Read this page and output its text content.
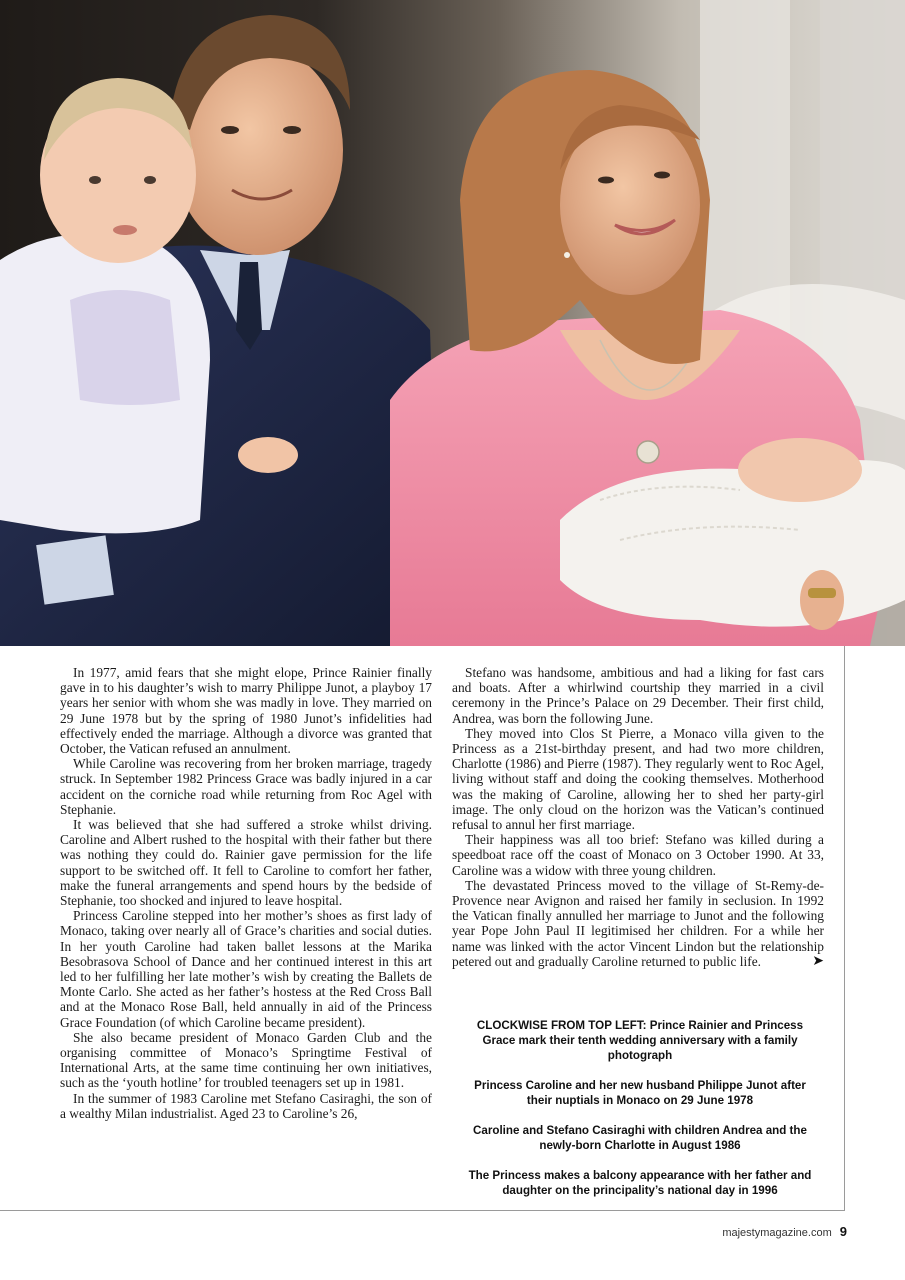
In 1977, amid fears that she might elope, Prince Rainier finally gave in to his daughter’s wish to marry Philippe Junot, a playboy 17 years her senior with whom she was madly in love. They married on 29 June 1978 but by the spring of 1980 Junot’s infidelities had effectively ended the marriage. Although a divorce was granted that October, the Vatican refused an annulment.

While Caroline was recovering from her broken marriage, tragedy struck. In September 1982 Princess Grace was badly injured in a car accident on the corniche road while returning from Roc Agel with Stephanie.

It was believed that she had suffered a stroke whilst driving. Caroline and Albert rushed to the hospital with their father but there was nothing they could do. Rainier gave permission for the life support to be switched off. It fell to Caroline to comfort her father, make the funeral arrangements and spend hours by the bedside of Stephanie, too shocked and injured to leave hospital.

Princess Caroline stepped into her mother’s shoes as first lady of Monaco, taking over nearly all of Grace’s charities and social duties. In her youth Caroline had taken ballet lessons at the Marika Besobrasova School of Dance and her continued interest in this art led to her fulfilling her late mother’s wish by creating the Ballets de Monte Carlo. She acted as her father’s hostess at the Red Cross Ball and at the Monaco Rose Ball, held annually in aid of the Princess Grace Foundation (of which Caroline became president).

She also became president of Monaco Garden Club and the organising committee of Monaco’s Springtime Festival of International Arts, at the same time continuing her own initiatives, such as the ‘youth hotline’ for troubled teenagers set up in 1981.

In the summer of 1983 Caroline met Stefano Casiraghi, the son of a wealthy Milan industrialist. Aged 23 to Caroline’s 26,

Stefano was handsome, ambitious and had a liking for fast cars and boats. After a whirlwind courtship they married in a civil ceremony in the Prince’s Palace on 29 December. Their first child, Andrea, was born the following June.

They moved into Clos St Pierre, a Monaco villa given to the Princess as a 21st-birthday present, and had two more children, Charlotte (1986) and Pierre (1987). They regularly went to Roc Agel, living without staff and doing the cooking themselves. Motherhood was the making of Caroline, allowing her to shed her party-girl image. The only cloud on the horizon was the Vatican’s continued refusal to annul her first marriage.

Their happiness was all too brief: Stefano was killed during a speedboat race off the coast of Monaco on 3 October 1990. At 33, Caroline was a widow with three young children.

The devastated Princess moved to the village of St-Remy-de-Provence near Avignon and raised her family in seclusion. In 1992 the Vatican finally annulled her marriage to Junot and the following year Pope John Paul II legitimised her children. For a while her name was linked with the actor Vincent Lindon but the relationship petered out and gradually Caroline returned to public life.	➤

CLOCKWISE FROM TOP LEFT: Prince Rainier and Princess Grace mark their tenth wedding anniversary with a family photograph

Princess Caroline and her new husband Philippe Junot after their nuptials in Monaco on 29 June 1978

Caroline and Stefano Casiraghi with children Andrea and the newly-born Charlotte in August 1986

The Princess makes a balcony appearance with her father and daughter on the principality’s national day in 1996

majestymagazine.com 9
